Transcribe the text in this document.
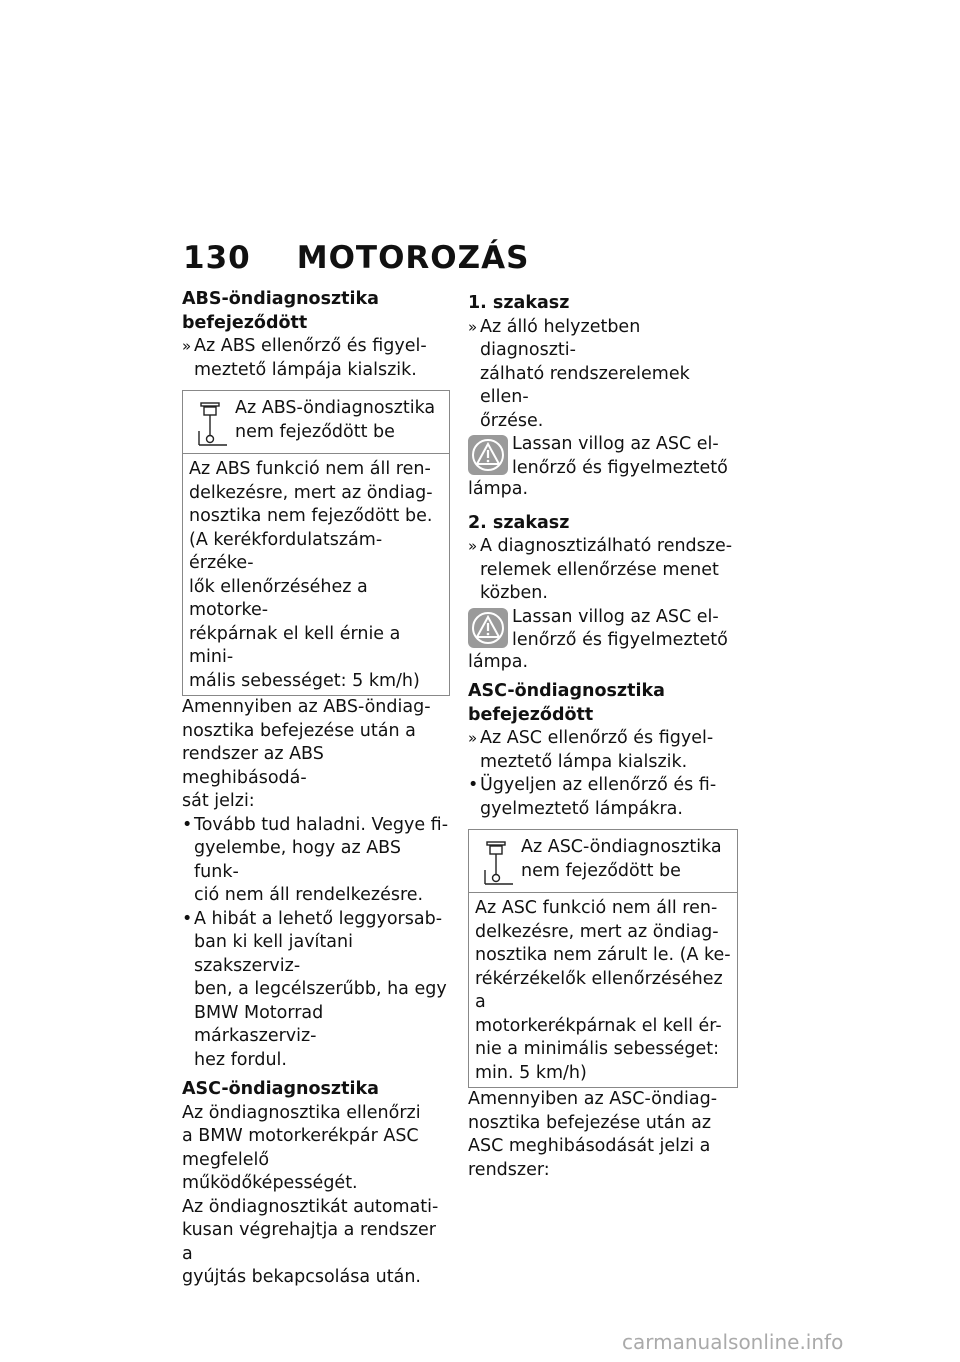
130 MOTOROZÁS
ABS-öndiagnosztika
befejeződött
» Az ABS ellenőrző és figyel-
meztető lámpája kialszik.
Az ABS-öndiagnosztika
nem fejeződött be
Az ABS funkció nem áll ren-
delkezésre, mert az öndiag-
nosztika nem fejeződött be.
(A kerékfordulatszám-érzéke-
lők ellenőrzéséhez a motorke-
rékpárnak el kell érnie a mini-
mális sebességet: 5 km/h)
Amennyiben az ABS-öndiag-
nosztika befejezése után a
rendszer az ABS meghibásodá-
sát jelzi:
• Tovább tud haladni. Vegye fi-
gyelembe, hogy az ABS funk-
ció nem áll rendelkezésre.
• A hibát a lehető leggyorsab-
ban ki kell javítani szakszerviz-
ben, a legcélszerűbb, ha egy
BMW Motorrad márkaszerviz-
hez fordul.
ASC-öndiagnosztika
Az öndiagnosztika ellenőrzi
a BMW motorkerékpár ASC
megfelelő működőképességét.
Az öndiagnosztikát automati-
kusan végrehajtja a rendszer a
gyújtás bekapcsolása után.
1. szakasz
» Az álló helyzetben diagnoszti-
zálható rendszerelemek ellen-
őrzése.
Lassan villog az ASC el-
lenőrző és figyelmeztető
lámpa.
2. szakasz
» A diagnosztizálható rendsze-
relemek ellenőrzése menet
közben.
Lassan villog az ASC el-
lenőrző és figyelmeztető
lámpa.
ASC-öndiagnosztika
befejeződött
» Az ASC ellenőrző és figyel-
meztető lámpa kialszik.
• Ügyeljen az ellenőrző és fi-
gyelmeztető lámpákra.
Az ASC-öndiagnosztika
nem fejeződött be
Az ASC funkció nem áll ren-
delkezésre, mert az öndiag-
nosztika nem zárult le. (A ke-
rékérzékelők ellenőrzéséhez a
motorkerékpárnak el kell ér-
nie a minimális sebességet:
min. 5 km/h)
Amennyiben az ASC-öndiag-
nosztika befejezése után az
ASC meghibásodását jelzi a
rendszer:
carmanualsonline.info
